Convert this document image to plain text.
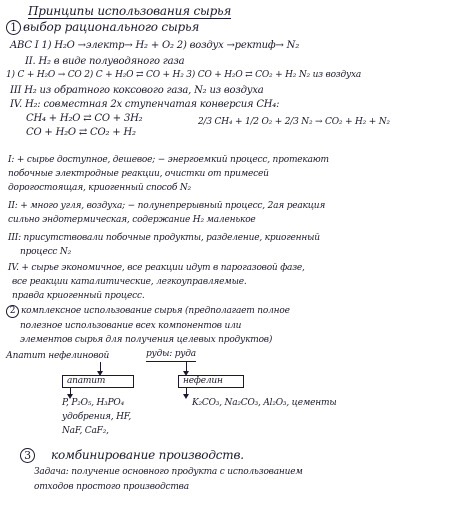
Принципы использования сырья
1 выбор рационального сырья
ABC I 1) H₂O →электр→ H₂ + O₂ 2) воздух →ректиф→ N₂
II. H₂ в виде полуводяного газа
1) C + H₂O → CO 2) C + H₂O ⇄ CO + H₂ 3) CO + H₂O ⇄ CO₂ + H₂ N₂ из воздуха
III H₂ из обратного коксового газа, N₂ из воздуха
IV. H₂: совместная 2х ступенчатая конверсия CH₄:
CH₄ + H₂O ⇄ CO + 3H₂
CO + H₂O ⇄ CO₂ + H₂
2/3 CH₄ + 1/2 O₂ + 2/3 N₂ → CO₂ + H₂ + N₂
I: + сырье доступное, дешевое; − энергоемкий процесс, протекают
побочные электродные реакции, очистки от примесей
дорогостоящая, криогенный способ N₂
II: + много угля, воздуха; − полунепрерывный процесс, 2ая реакция
сильно эндотермическая, содержание H₂ маленькое
III: присутствовали побочные продукты, разделение, криогенный
процесс N₂
IV. + сырье экономичное, все реакции идут в парогазовой фазе,
все реакции каталитические, легкоуправляемые.
правда криогенный процесс.
2 комплексное использование сырья (предполагает полное
полезное использование всех компонентов или
элементов сырья для получения целевых продуктов)
Апатит нефелиновой	руды: руда
апатит	нефелин
P, P₂O₅, H₃PO₄
удобрения, HF,
NaF, CaF₂,
K₂CO₃, Na₂CO₃, Al₂O₃, цементы
3 комбинирование производств.
Задача: получение основного продукта с использованием
отходов простого производства
